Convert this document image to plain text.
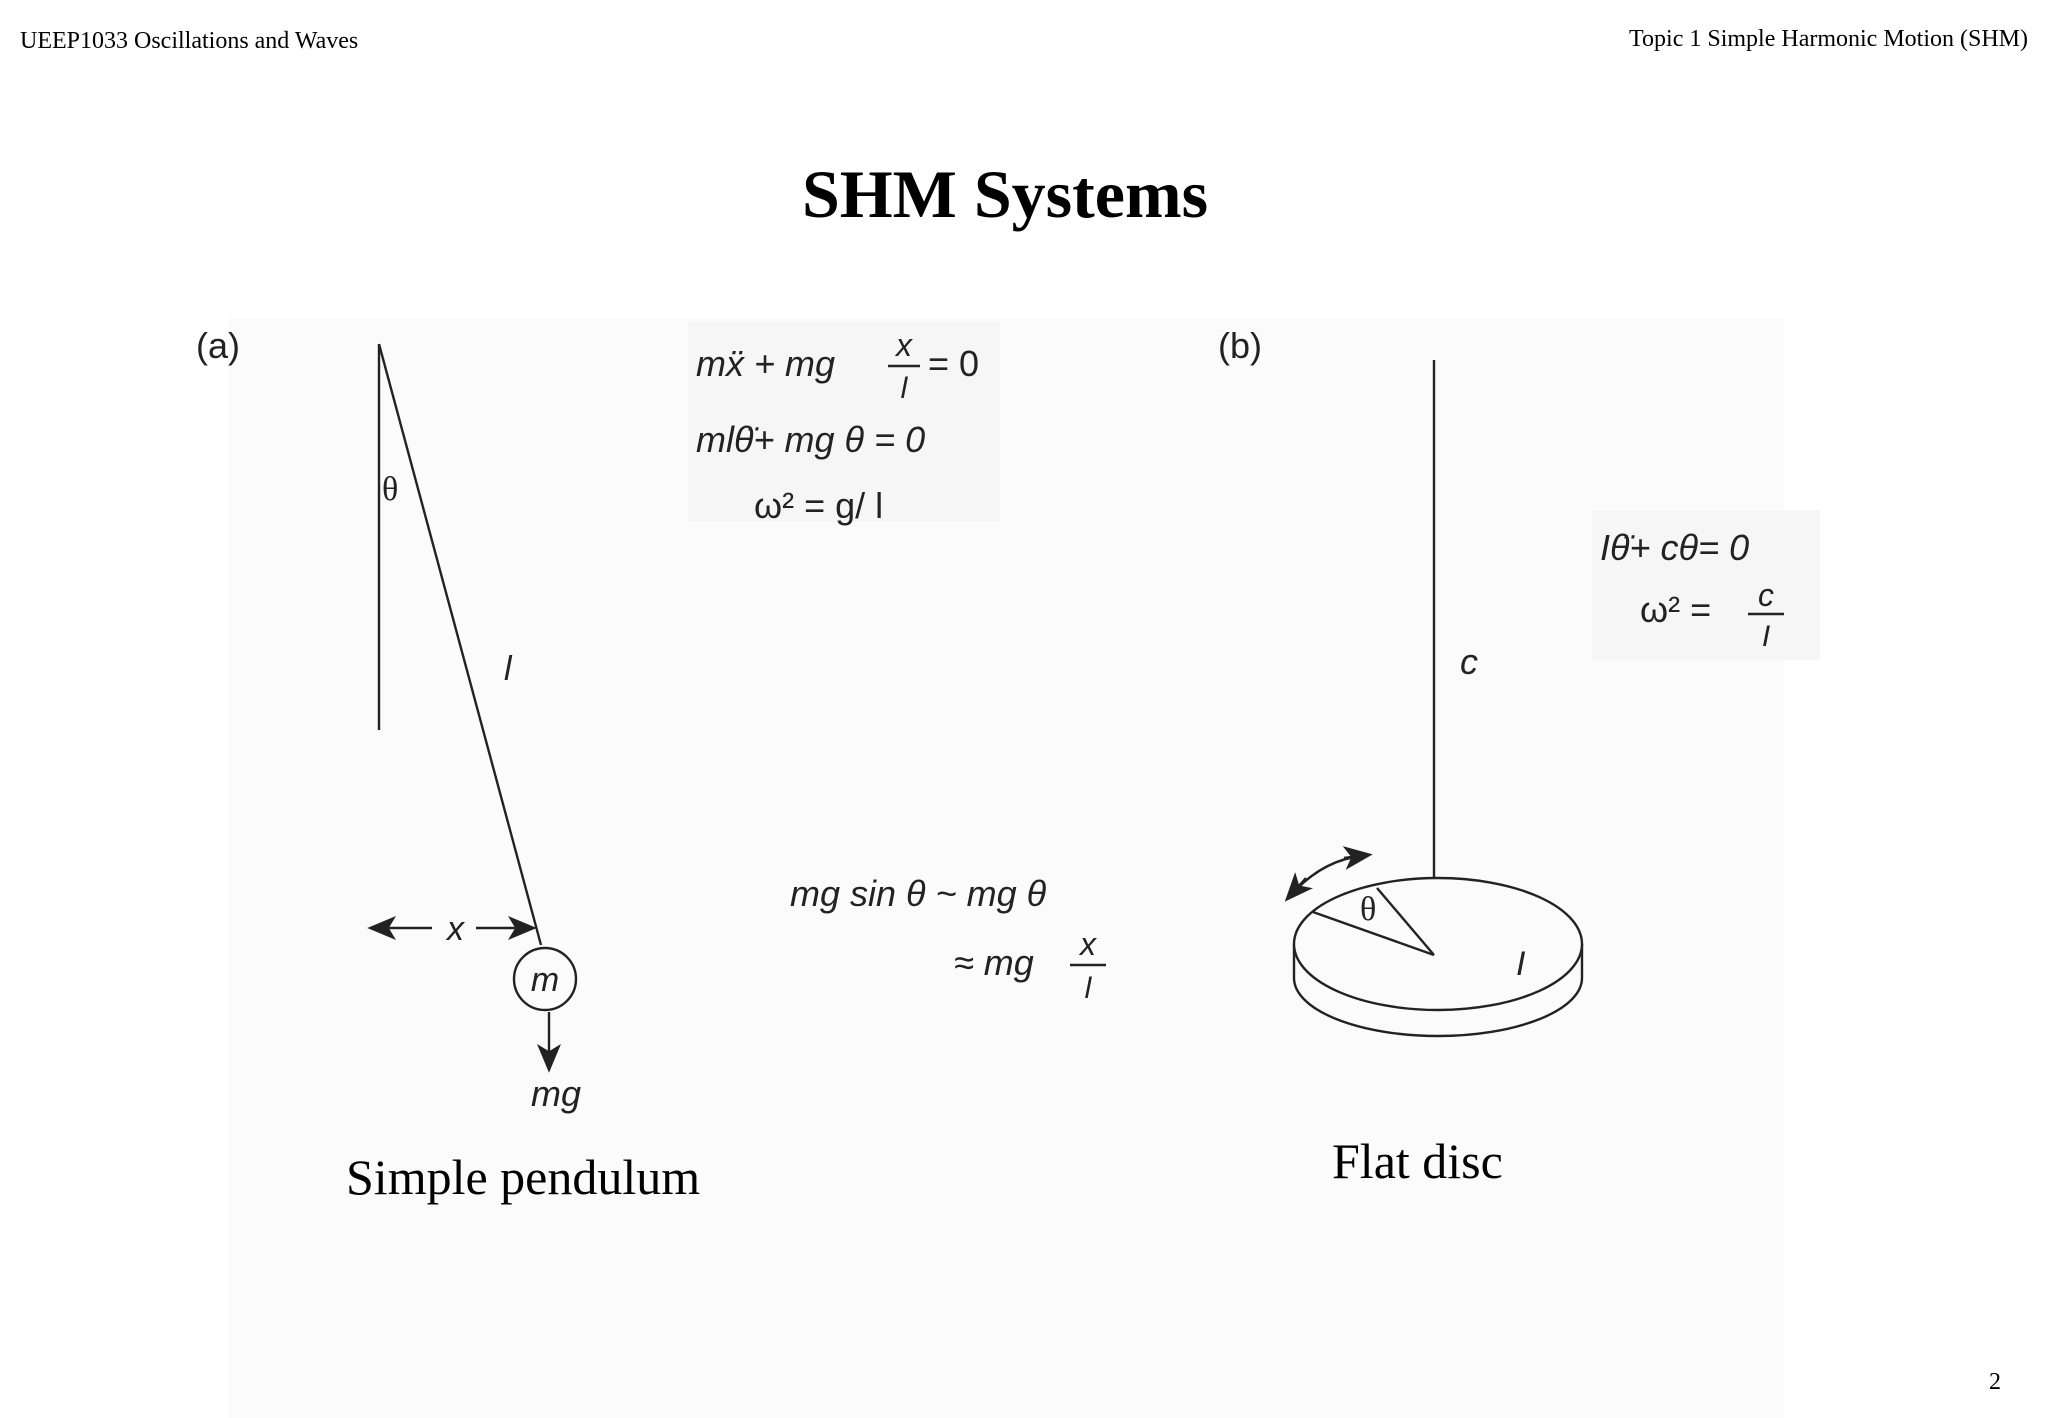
UEEP1033 Oscillations and Waves	Topic 1 Simple Harmonic Motion (SHM)
SHM Systems
(a)
θ
l
x
m
mg
mẍ + mg x
l
= 0
mlθ̈+ mg θ = 0
ω² = g/ l
mg sin θ ~ mg θ
≈ mg x
l
(b)
c
θ
I
Iθ̈+ cθ= 0
ω² = c
I
Simple pendulum	Flat disc
2
